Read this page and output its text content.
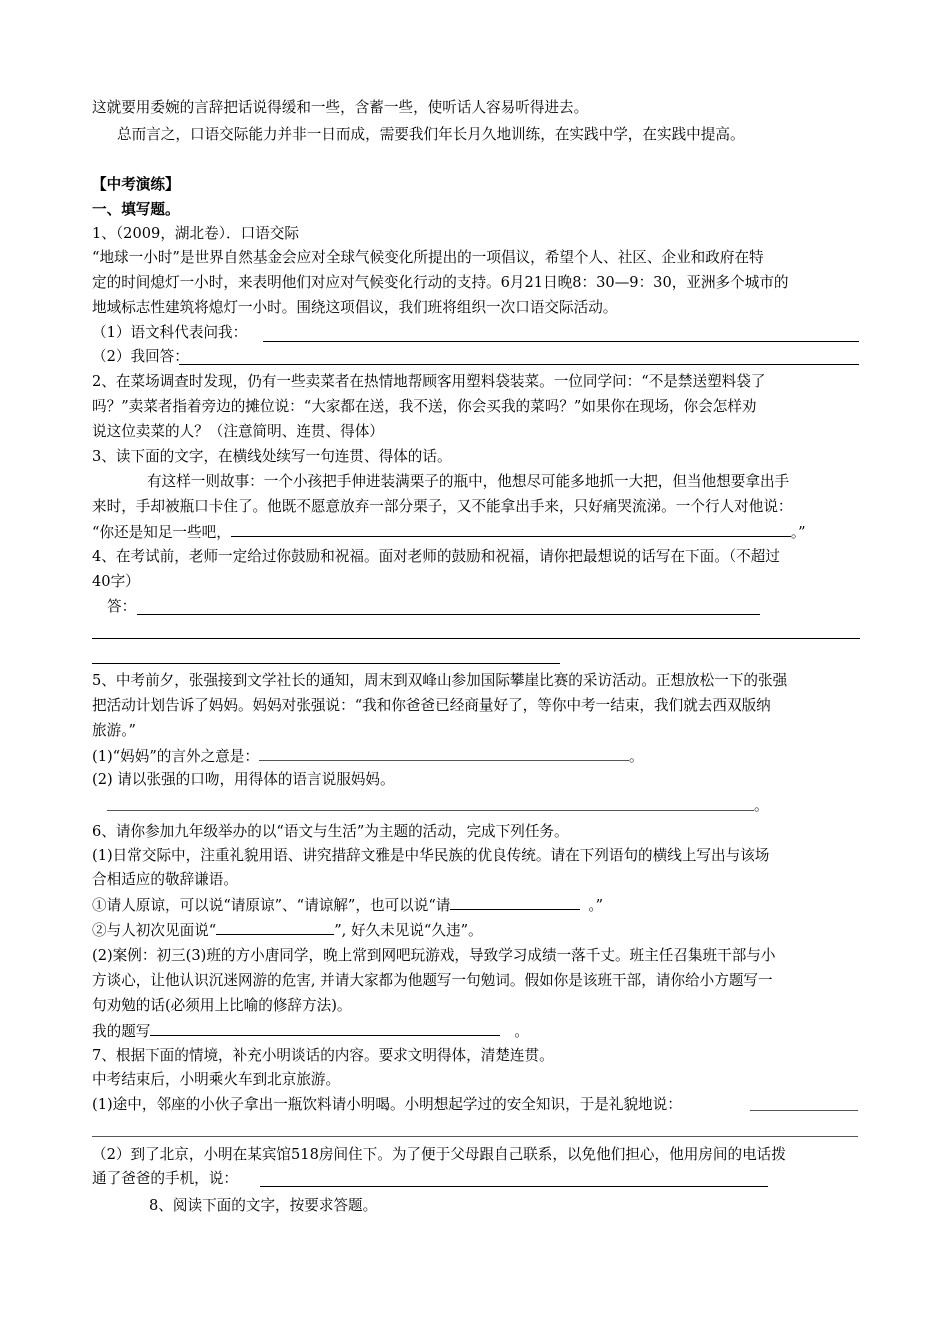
这就要用委婉的言辞把话说得缓和一些，含蓄一些，使听话人容易听得进去。
总而言之，口语交际能力并非一日而成，需要我们年长月久地训练，在实践中学，在实践中提高。
【中考演练】
一、填写题。
1、（2009，湖北卷）．口语交际
“地球一小时”是世界自然基金会应对全球气候变化所提出的一项倡议，希望个人、社区、企业和政府在特
定的时间熄灯一小时，来表明他们对应对气候变化行动的支持。6月21日晚8：30—9：30，亚洲多个城市的
地域标志性建筑将熄灯一小时。围绕这项倡议，我们班将组织一次口语交际活动。
（1）语文科代表问我：
（2）我回答：
2、在菜场调查时发现，仍有一些卖菜者在热情地帮顾客用塑料袋装菜。一位同学问：“不是禁送塑料袋了
吗？”卖菜者指着旁边的摊位说：“大家都在送，我不送，你会买我的菜吗？”如果你在现场，你会怎样劝
说这位卖菜的人？（注意简明、连贯、得体）
3、读下面的文字，在横线处续写一句连贯、得体的话。
有这样一则故事：一个小孩把手伸进装满栗子的瓶中，他想尽可能多地抓一大把，但当他想要拿出手
来时，手却被瓶口卡住了。他既不愿意放弃一部分栗子，又不能拿出手来，只好痛哭流涕。一个行人对他说：
“你还是知足一些吧，	。”
4、在考试前，老师一定给过你鼓励和祝福。面对老师的鼓励和祝福，请你把最想说的话写在下面。（不超过
40字）
答：
5、中考前夕，张强接到文学社长的通知，周末到双峰山参加国际攀崖比赛的采访活动。正想放松一下的张强
把活动计划告诉了妈妈。妈妈对张强说：“我和你爸爸已经商量好了，等你中考一结束，我们就去西双版纳
旅游。”
(1)“妈妈”的言外之意是：	。
(2) 请以张强的口吻，用得体的语言说服妈妈。
。
6、请你参加九年级举办的以“语文与生活”为主题的活动，完成下列任务。
(1)日常交际中，注重礼貌用语、讲究措辞文雅是中华民族的优良传统。请在下列语句的横线上写出与该场
合相适应的敬辞谦语。
①请人原谅，可以说“请原谅”、“请谅解”，也可以说“请	。”
②与人初次见面说“	”, 好久未见说“久违”。
(2)案例：初三(3)班的方小唐同学，晚上常到网吧玩游戏，导致学习成绩一落千丈。班主任召集班干部与小
方谈心，让他认识沉迷网游的危害, 并请大家都为他题写一句勉词。假如你是该班干部，请你给小方题写一
句劝勉的话(必须用上比喻的修辞方法)。
我的题写	。
7、根据下面的情境，补充小明谈话的内容。要求文明得体，清楚连贯。
中考结束后，小明乘火车到北京旅游。
(1)途中，邻座的小伙子拿出一瓶饮料请小明喝。小明想起学过的安全知识，于是礼貌地说：
（2）到了北京，小明在某宾馆518房间住下。为了便于父母跟自己联系，以免他们担心，他用房间的电话拨
通了爸爸的手机，说：
8、阅读下面的文字，按要求答题。
